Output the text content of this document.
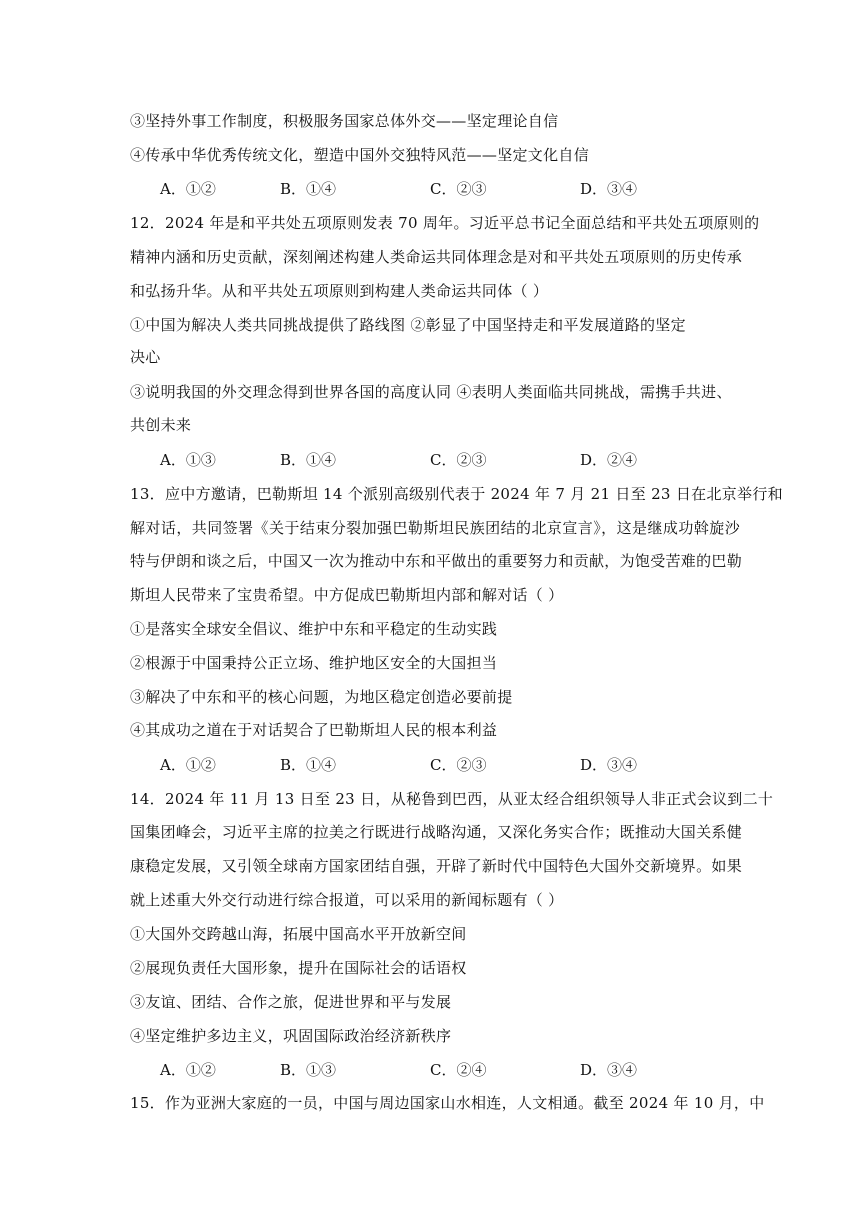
③坚持外事工作制度，积极服务国家总体外交——坚定理论自信
④传承中华优秀传统文化，塑造中国外交独特风范——坚定文化自信
A．①②	B．①④	C．②③	D．③④
12．2024 年是和平共处五项原则发表 70 周年。习近平总书记全面总结和平共处五项原则的
精神内涵和历史贡献，深刻阐述构建人类命运共同体理念是对和平共处五项原则的历史传承
和弘扬升华。从和平共处五项原则到构建人类命运共同体（ ）
①中国为解决人类共同挑战提供了路线图 ②彰显了中国坚持走和平发展道路的坚定
决心
③说明我国的外交理念得到世界各国的高度认同 ④表明人类面临共同挑战，需携手共进、
共创未来
A．①③	B．①④	C．②③	D．②④
13．应中方邀请，巴勒斯坦 14 个派别高级别代表于 2024 年 7 月 21 日至 23 日在北京举行和
解对话，共同签署《关于结束分裂加强巴勒斯坦民族团结的北京宣言》，这是继成功斡旋沙
特与伊朗和谈之后，中国又一次为推动中东和平做出的重要努力和贡献，为饱受苦难的巴勒
斯坦人民带来了宝贵希望。中方促成巴勒斯坦内部和解对话（ ）
①是落实全球安全倡议、维护中东和平稳定的生动实践
②根源于中国秉持公正立场、维护地区安全的大国担当
③解决了中东和平的核心问题，为地区稳定创造必要前提
④其成功之道在于对话契合了巴勒斯坦人民的根本利益
A．①②	B．①④	C．②③	D．③④
14．2024 年 11 月 13 日至 23 日，从秘鲁到巴西，从亚太经合组织领导人非正式会议到二十
国集团峰会，习近平主席的拉美之行既进行战略沟通，又深化务实合作；既推动大国关系健
康稳定发展，又引领全球南方国家团结自强，开辟了新时代中国特色大国外交新境界。如果
就上述重大外交行动进行综合报道，可以采用的新闻标题有（ ）
①大国外交跨越山海，拓展中国高水平开放新空间
②展现负责任大国形象，提升在国际社会的话语权
③友谊、团结、合作之旅，促进世界和平与发展
④坚定维护多边主义，巩固国际政治经济新秩序
A．①②	B．①③	C．②④	D．③④
15．作为亚洲大家庭的一员，中国与周边国家山水相连，人文相通。截至 2024 年 10 月，中
